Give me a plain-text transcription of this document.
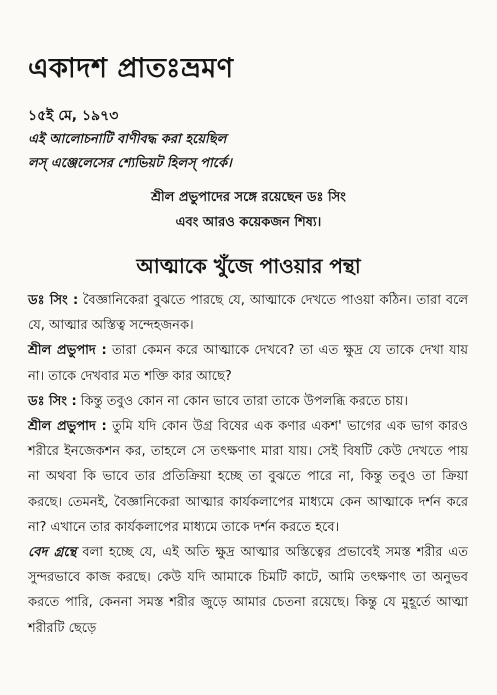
একাদশ প্রাতঃভ্রমণ
১৫ই মে, ১৯৭৩
এই আলোচনাটি বাণীবদ্ধ করা হয়েছিল
লস্ এঞ্জেলেসের শ্যেভিয়ট হিলস্ পার্কে।
শ্রীল প্রভুপাদের সঙ্গে রয়েছেন ডঃ সিং
এবং আরও কয়েকজন শিষ্য।
আত্মাকে খুঁজে পাওয়ার পন্থা

ডঃ সিং : বৈজ্ঞানিকেরা বুঝতে পারছে যে, আত্মাকে দেখতে পাওয়া কঠিন। তারা বলে যে, আত্মার অস্তিত্ব সন্দেহজনক।

শ্রীল প্রভুপাদ : তারা কেমন করে আত্মাকে দেখবে? তা এত ক্ষুদ্র যে তাকে দেখা যায় না। তাকে দেখবার মত শক্তি কার আছে?

ডঃ সিং : কিন্তু তবুও কোন না কোন ভাবে তারা তাকে উপলব্ধি করতে চায়।

শ্রীল প্রভুপাদ : তুমি যদি কোন উগ্র বিষের এক কণার একশ' ভাগের এক ভাগ কারও শরীরে ইনজেকশন কর, তাহলে সে তৎক্ষণাৎ মারা যায়। সেই বিষটি কেউ দেখতে পায় না অথবা কি ভাবে তার প্রতিক্রিয়া হচ্ছে তা বুঝতে পারে না, কিন্তু তবুও তা ক্রিয়া করছে। তেমনই, বৈজ্ঞানিকেরা আত্মার কার্যকলাপের মাধ্যমে কেন আত্মাকে দর্শন করে না? এখানে তার কার্যকলাপের মাধ্যমে তাকে দর্শন করতে হবে।

বেদ গ্রন্থে বলা হচ্ছে যে, এই অতি ক্ষুদ্র আত্মার অস্তিত্বের প্রভাবেই সমস্ত শরীর এত সুন্দরভাবে কাজ করছে। কেউ যদি আমাকে চিমটি কাটে, আমি তৎক্ষণাৎ তা অনুভব করতে পারি, কেননা সমস্ত শরীর জুড়ে আমার চেতনা রয়েছে। কিন্তু যে মুহূর্তে আত্মা শরীরটি ছেড়ে
